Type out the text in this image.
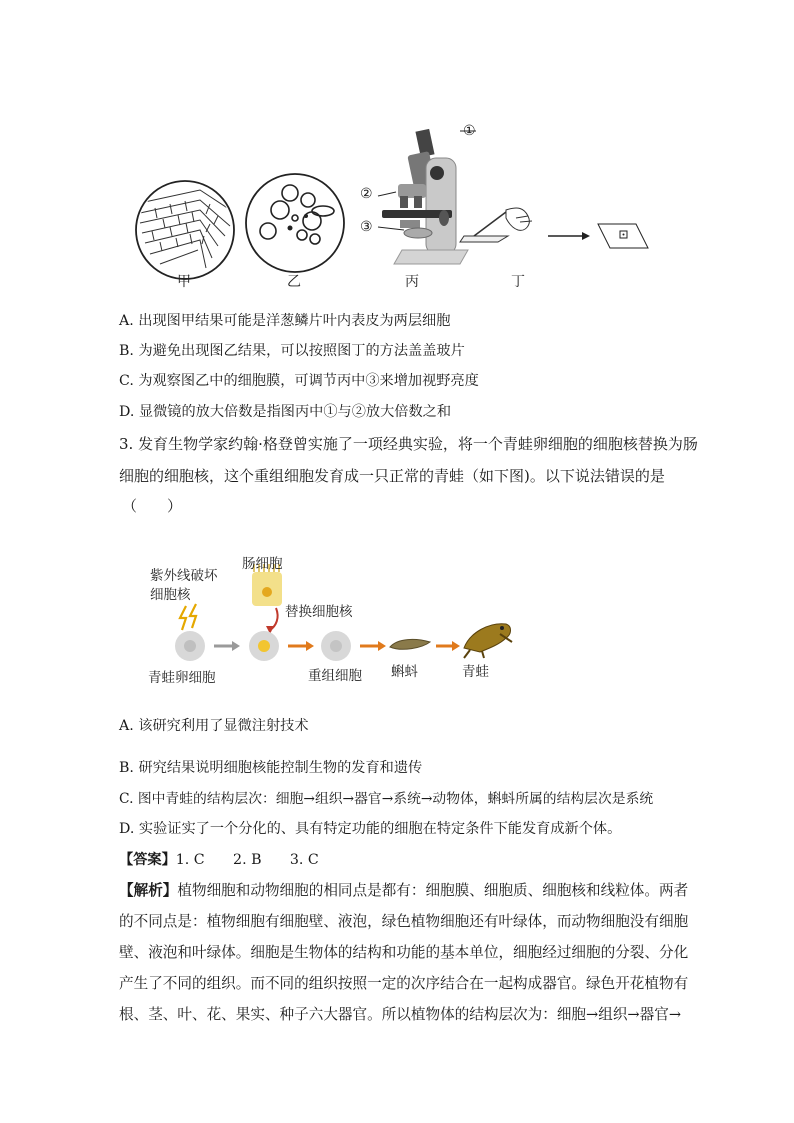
①
②
③
甲	乙	丙	丁
A. 出现图甲结果可能是洋葱鳞片叶内表皮为两层细胞
B. 为避免出现图乙结果，可以按照图丁的方法盖盖玻片
C. 为观察图乙中的细胞膜，可调节丙中③来增加视野亮度
D. 显微镜的放大倍数是指图丙中①与②放大倍数之和
3. 发育生物学家约翰·格登曾实施了一项经典实验，将一个青蛙卵细胞的细胞核替换为肠
细胞的细胞核，这个重组细胞发育成一只正常的青蛙（如下图)。以下说法错误的是
（　　）
紫外线破坏
细胞核
肠细胞
替换细胞核
青蛙卵细胞	重组细胞 蝌蚪	青蛙
A. 该研究利用了显微注射技术
B. 研究结果说明细胞核能控制生物的发育和遗传
C. 图中青蛙的结构层次：细胞→组织→器官→系统→动物体，蝌蚪所属的结构层次是系统
D. 实验证实了一个分化的、具有特定功能的细胞在特定条件下能发育成新个体。
【答案】1. C　　2. B　　3. C
【解析】植物细胞和动物细胞的相同点是都有：细胞膜、细胞质、细胞核和线粒体。两者
的不同点是：植物细胞有细胞壁、液泡，绿色植物细胞还有叶绿体，而动物细胞没有细胞
壁、液泡和叶绿体。细胞是生物体的结构和功能的基本单位，细胞经过细胞的分裂、分化
产生了不同的组织。而不同的组织按照一定的次序结合在一起构成器官。绿色开花植物有
根、茎、叶、花、果实、种子六大器官。所以植物体的结构层次为：细胞→组织→器官→
